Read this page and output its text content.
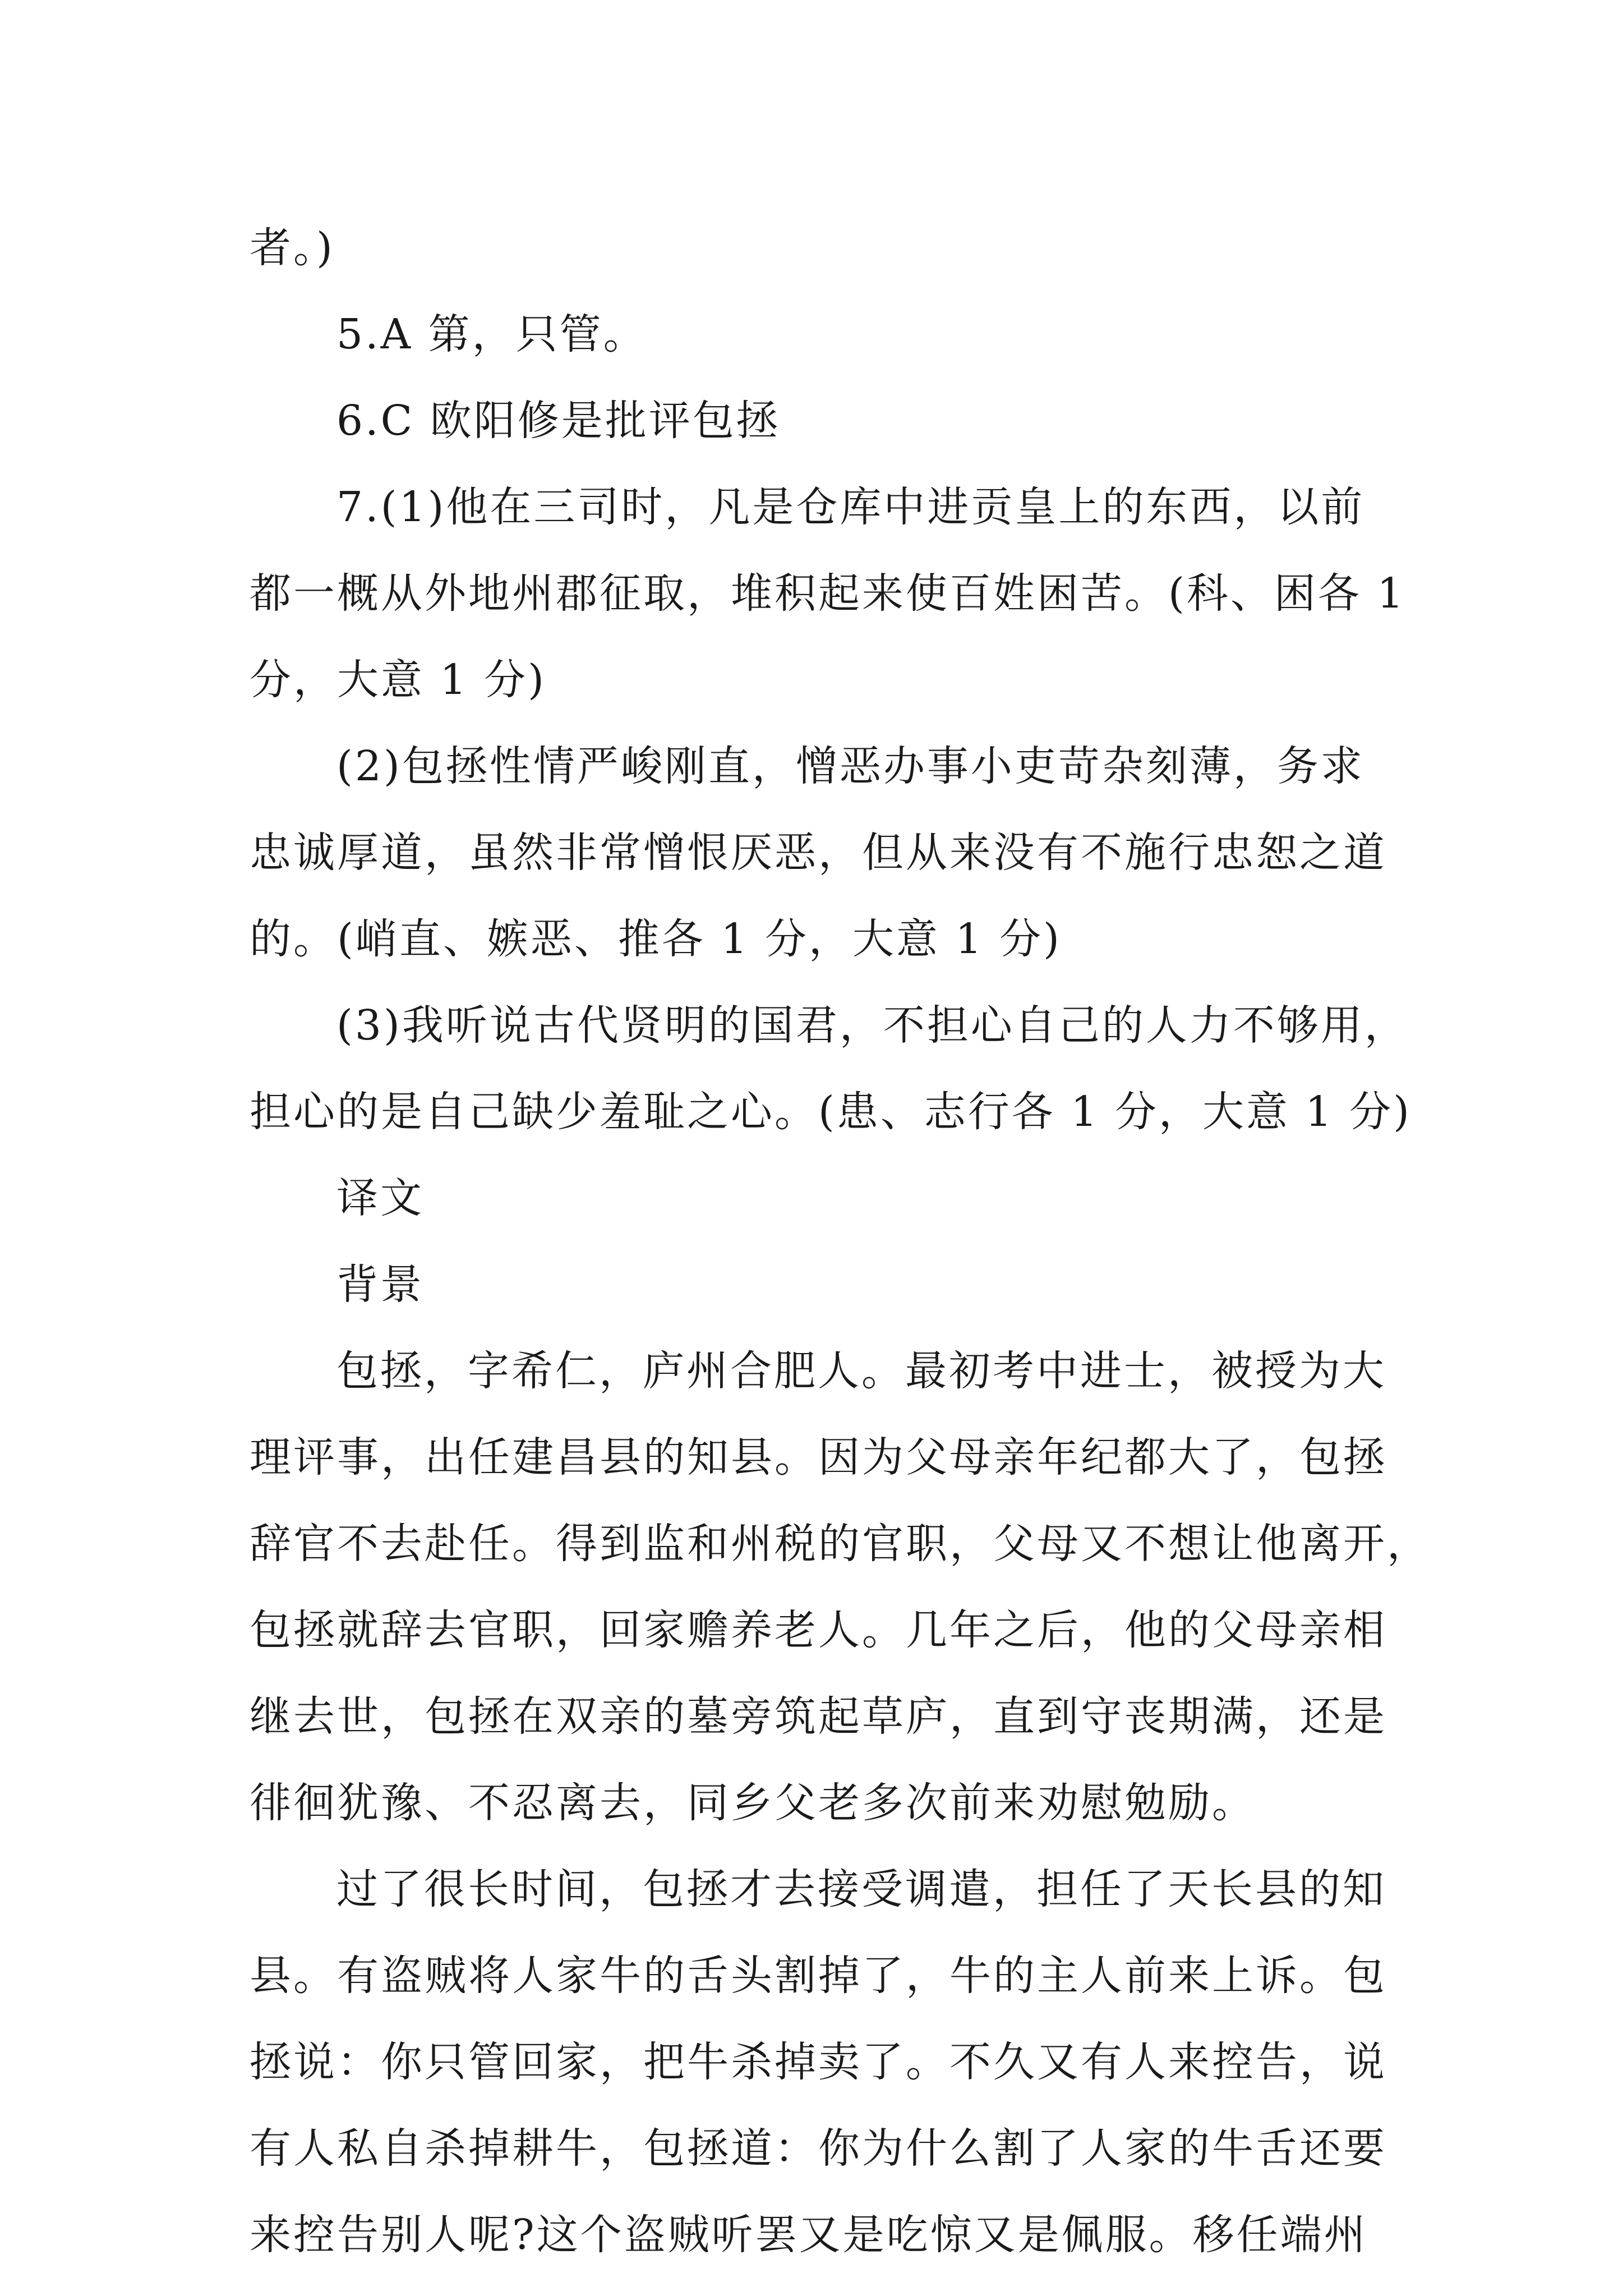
者。)
5.A 第，只管。
6.C 欧阳修是批评包拯
7.(1)他在三司时，凡是仓库中进贡皇上的东西，以前
都一概从外地州郡征取，堆积起来使百姓困苦。(科、困各 1
分，大意 1 分)
(2)包拯性情严峻刚直，憎恶办事小吏苛杂刻薄，务求
忠诚厚道，虽然非常憎恨厌恶，但从来没有不施行忠恕之道
的。(峭直、嫉恶、推各 1 分，大意 1 分)
(3)我听说古代贤明的国君，不担心自己的人力不够用，
担心的是自己缺少羞耻之心。(患、志行各 1 分，大意 1 分)
译文
背景
包拯，字希仁，庐州合肥人。最初考中进士，被授为大
理评事，出任建昌县的知县。因为父母亲年纪都大了，包拯
辞官不去赴任。得到监和州税的官职，父母又不想让他离开，
包拯就辞去官职，回家赡养老人。几年之后，他的父母亲相
继去世，包拯在双亲的墓旁筑起草庐，直到守丧期满，还是
徘徊犹豫、不忍离去，同乡父老多次前来劝慰勉励。
过了很长时间，包拯才去接受调遣，担任了天长县的知
县。有盗贼将人家牛的舌头割掉了，牛的主人前来上诉。包
拯说：你只管回家，把牛杀掉卖了。不久又有人来控告，说
有人私自杀掉耕牛，包拯道：你为什么割了人家的牛舌还要
来控告别人呢?这个盗贼听罢又是吃惊又是佩服。移任端州
